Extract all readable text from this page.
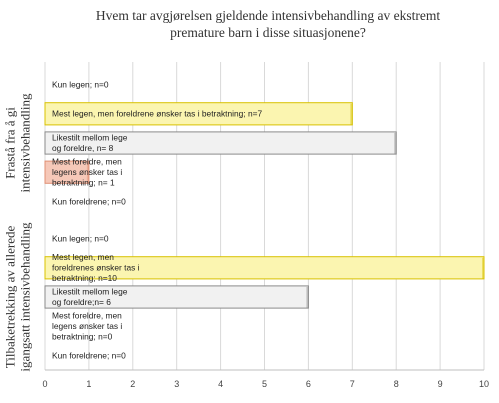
Hvem tar avgjørelsen gjeldende intensivbehandling av ekstremt
premature barn i disse situasjonene?
Kun legen; n=0
Mest legen, men foreldrene ønsker tas i betraktning; n=7
Likestilt mellom lege og foreldre, n= 8
Mest foreldre, men legens ønsker tas i betraktning; n= 1
Kun foreldrene; n=0
Kun legen; n=0
Mest legen, men foreldrenes ønsker tas i betraktning; n=10
Likestilt mellom lege og foreldre;n= 6
Mest foreldre, men legens ønsker tas i betraktning; n=0
Kun foreldrene; n=0
0	1	2	3	4	5	6	7	8	9	10
Frastå fra å giintensivbehandling
Tilbaketrekking av alleredeigangsatt intensivbehandling
